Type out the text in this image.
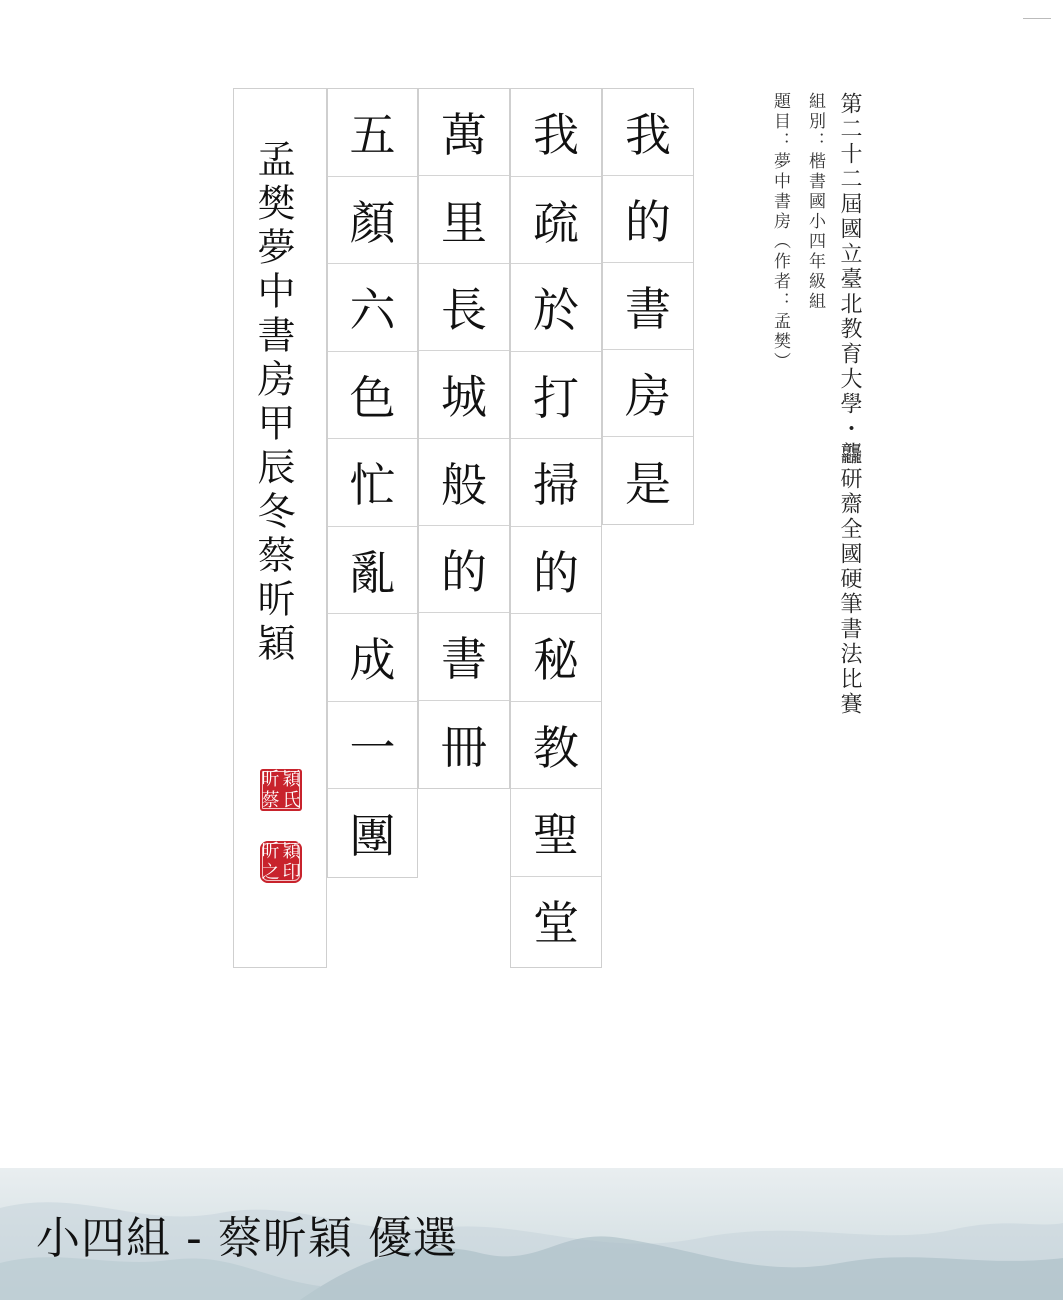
第二十二屆國立臺北教育大學・龘研齋全國硬筆書法比賽
組別：楷書國小四年級組
題目：夢中書房（作者：孟樊）
我
的
書
房
是
我
疏
於
打
掃
的
秘
教
聖
堂
萬
里
長
城
般
的
書
冊
五
顏
六
色
忙
亂
成
一
團
孟樊夢中書房甲辰冬蔡昕穎
昕 穎
蔡 氏
昕 穎
之 印
小四組 - 蔡昕穎 優選
